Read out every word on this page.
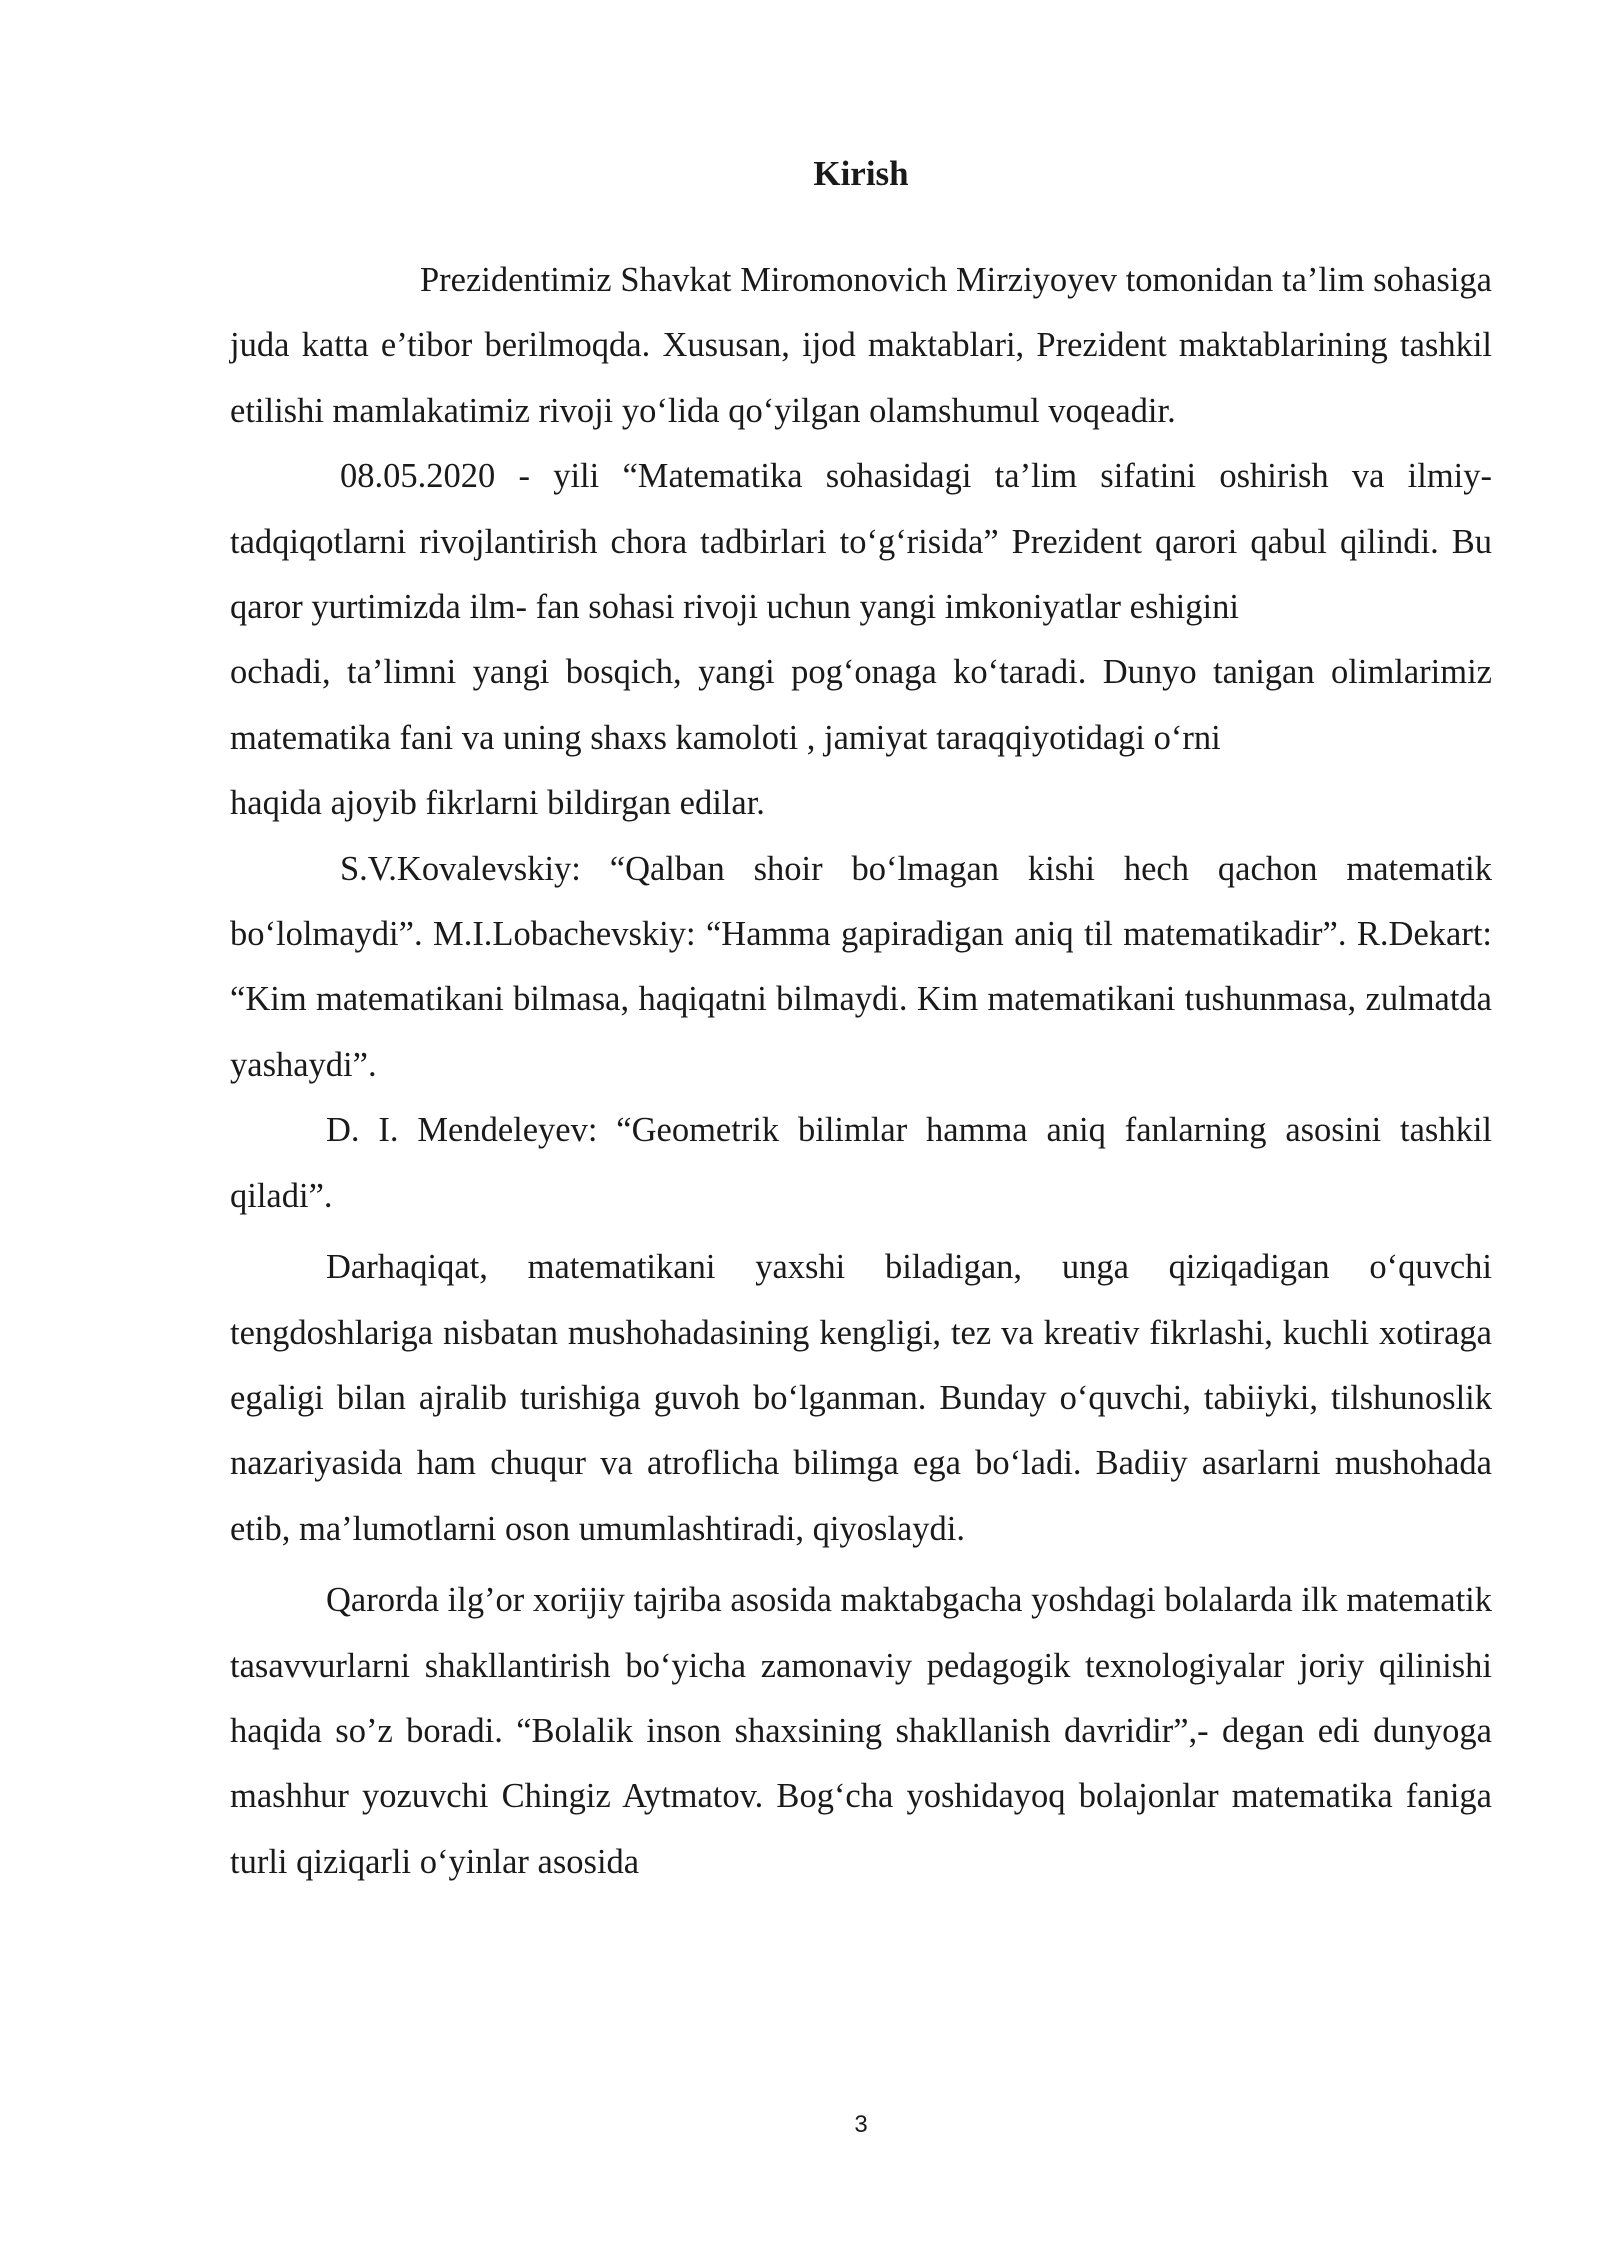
Kirish

Prezidentimiz Shavkat Miromonovich Mirziyoyev tomonidan ta’lim sohasiga juda katta e’tibor berilmoqda. Xususan, ijod maktablari, Prezident maktablarining tashkil etilishi mamlakatimiz rivoji yo‘lida qo‘yilgan olamshumul voqeadir.

08.05.2020 - yili “Matematika sohasidagi ta’lim sifatini oshirish va ilmiy-tadqiqotlarni rivojlantirish chora tadbirlari to‘g‘risida” Prezident qarori qabul qilindi. Bu qaror yurtimizda ilm- fan sohasi rivoji uchun yangi imkoniyatlar eshigini

ochadi, ta’limni yangi bosqich, yangi pog‘onaga ko‘taradi. Dunyo tanigan olimlarimiz matematika fani va uning shaxs kamoloti , jamiyat taraqqiyotidagi o‘rni

haqida ajoyib fikrlarni bildirgan edilar.

S.V.Kovalevskiy: “Qalban shoir bo‘lmagan kishi hech qachon matematik bo‘lolmaydi”. M.I.Lobachevskiy: “Hamma gapiradigan aniq til matematikadir”. R.Dekart: “Kim matematikani bilmasa, haqiqatni bilmaydi. Kim matematikani tushunmasa, zulmatda yashaydi”.

D. I. Mendeleyev: “Geometrik bilimlar hamma aniq fanlarning asosini tashkil qiladi”.

Darhaqiqat, matematikani yaxshi biladigan, unga qiziqadigan o‘quvchi tengdoshlariga nisbatan mushohadasining kengligi, tez va kreativ fikrlashi, kuchli xotiraga egaligi bilan ajralib turishiga guvoh bo‘lganman. Bunday o‘quvchi, tabiiyki, tilshunoslik nazariyasida ham chuqur va atroflicha bilimga ega bo‘ladi. Badiiy asarlarni mushohada etib, ma’lumotlarni oson umumlashtiradi, qiyoslaydi.

Qarorda ilg’or xorijiy tajriba asosida maktabgacha yoshdagi bolalarda ilk matematik tasavvurlarni shakllantirish bo‘yicha zamonaviy pedagogik texnologiyalar joriy qilinishi haqida so’z boradi. “Bolalik inson shaxsining shakllanish davridir”,- degan edi dunyoga mashhur yozuvchi Chingiz Aytmatov. Bog‘cha yoshidayoq bolajonlar matematika faniga turli qiziqarli o‘yinlar asosida

3
